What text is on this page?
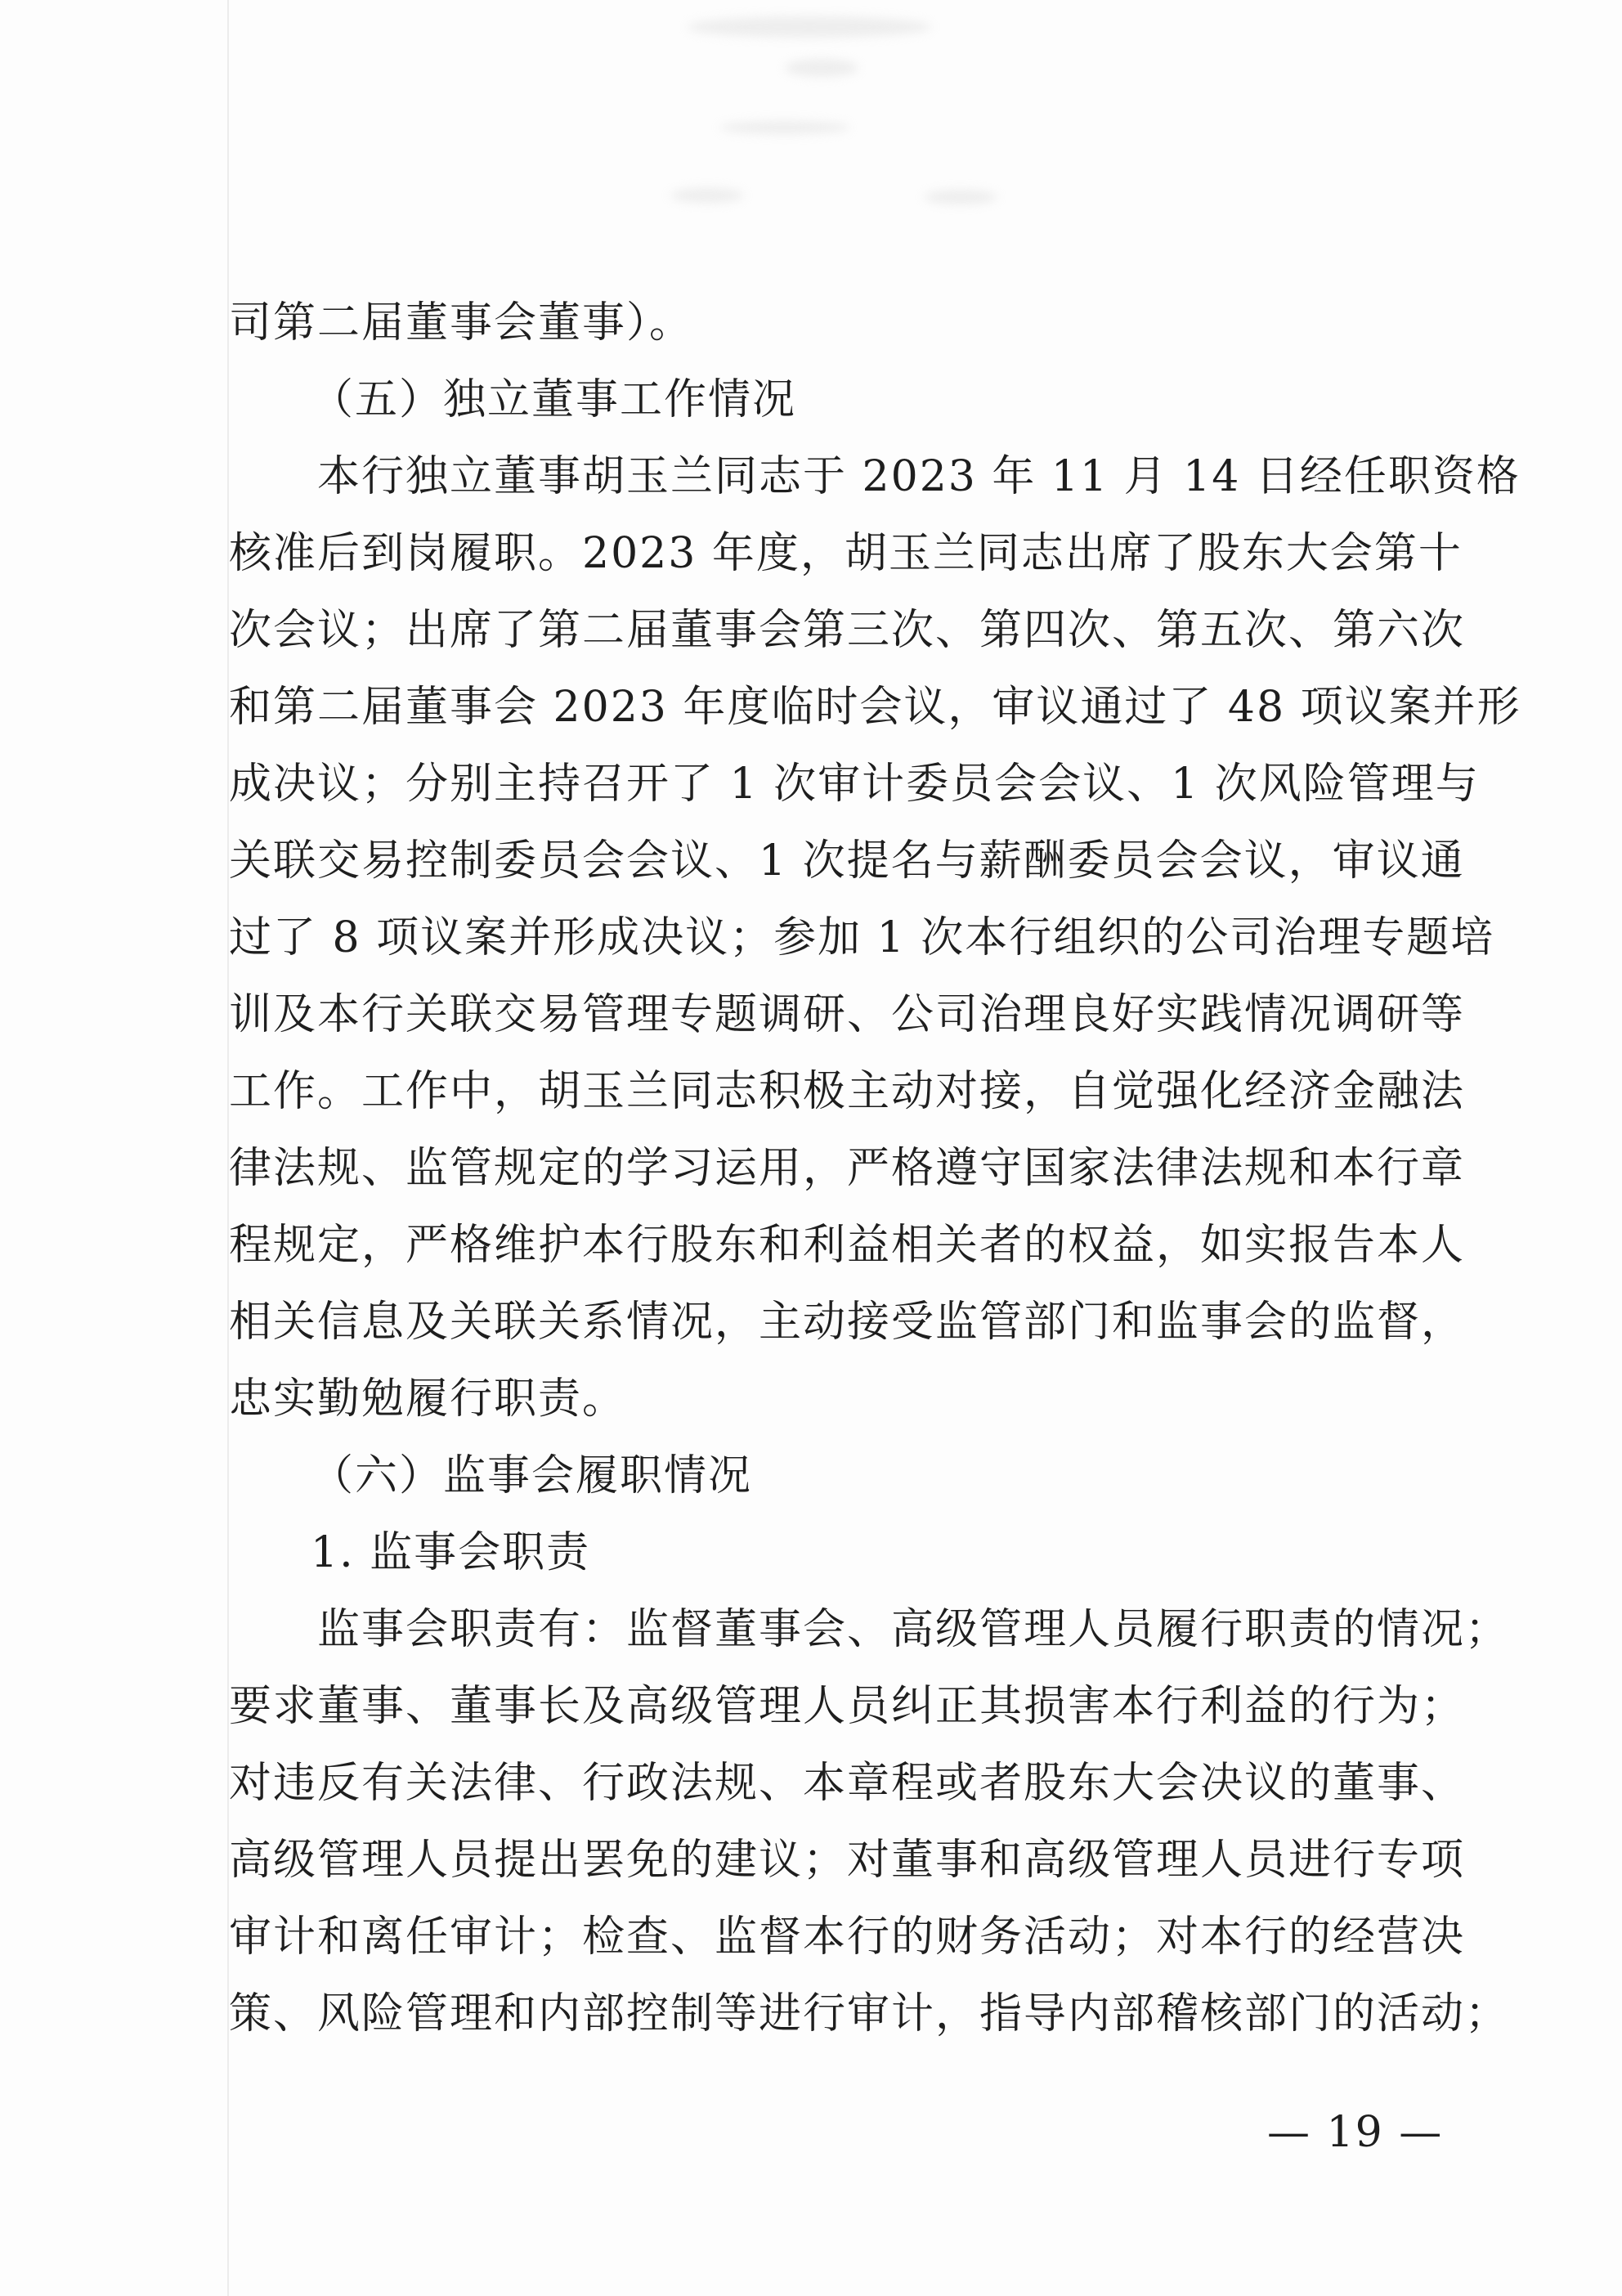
司第二届董事会董事）。
（五）独立董事工作情况
本行独立董事胡玉兰同志于 2023 年 11 月 14 日经任职资格
核准后到岗履职。2023 年度，胡玉兰同志出席了股东大会第十
次会议；出席了第二届董事会第三次、第四次、第五次、第六次
和第二届董事会 2023 年度临时会议，审议通过了 48 项议案并形
成决议；分别主持召开了 1 次审计委员会会议、1 次风险管理与
关联交易控制委员会会议、1 次提名与薪酬委员会会议，审议通
过了 8 项议案并形成决议；参加 1 次本行组织的公司治理专题培
训及本行关联交易管理专题调研、公司治理良好实践情况调研等
工作。工作中，胡玉兰同志积极主动对接，自觉强化经济金融法
律法规、监管规定的学习运用，严格遵守国家法律法规和本行章
程规定，严格维护本行股东和利益相关者的权益，如实报告本人
相关信息及关联关系情况，主动接受监管部门和监事会的监督，
忠实勤勉履行职责。
（六）监事会履职情况
1. 监事会职责
监事会职责有：监督董事会、高级管理人员履行职责的情况；
要求董事、董事长及高级管理人员纠正其损害本行利益的行为；
对违反有关法律、行政法规、本章程或者股东大会决议的董事、
高级管理人员提出罢免的建议；对董事和高级管理人员进行专项
审计和离任审计；检查、监督本行的财务活动；对本行的经营决
策、风险管理和内部控制等进行审计，指导内部稽核部门的活动；
— 19 —
